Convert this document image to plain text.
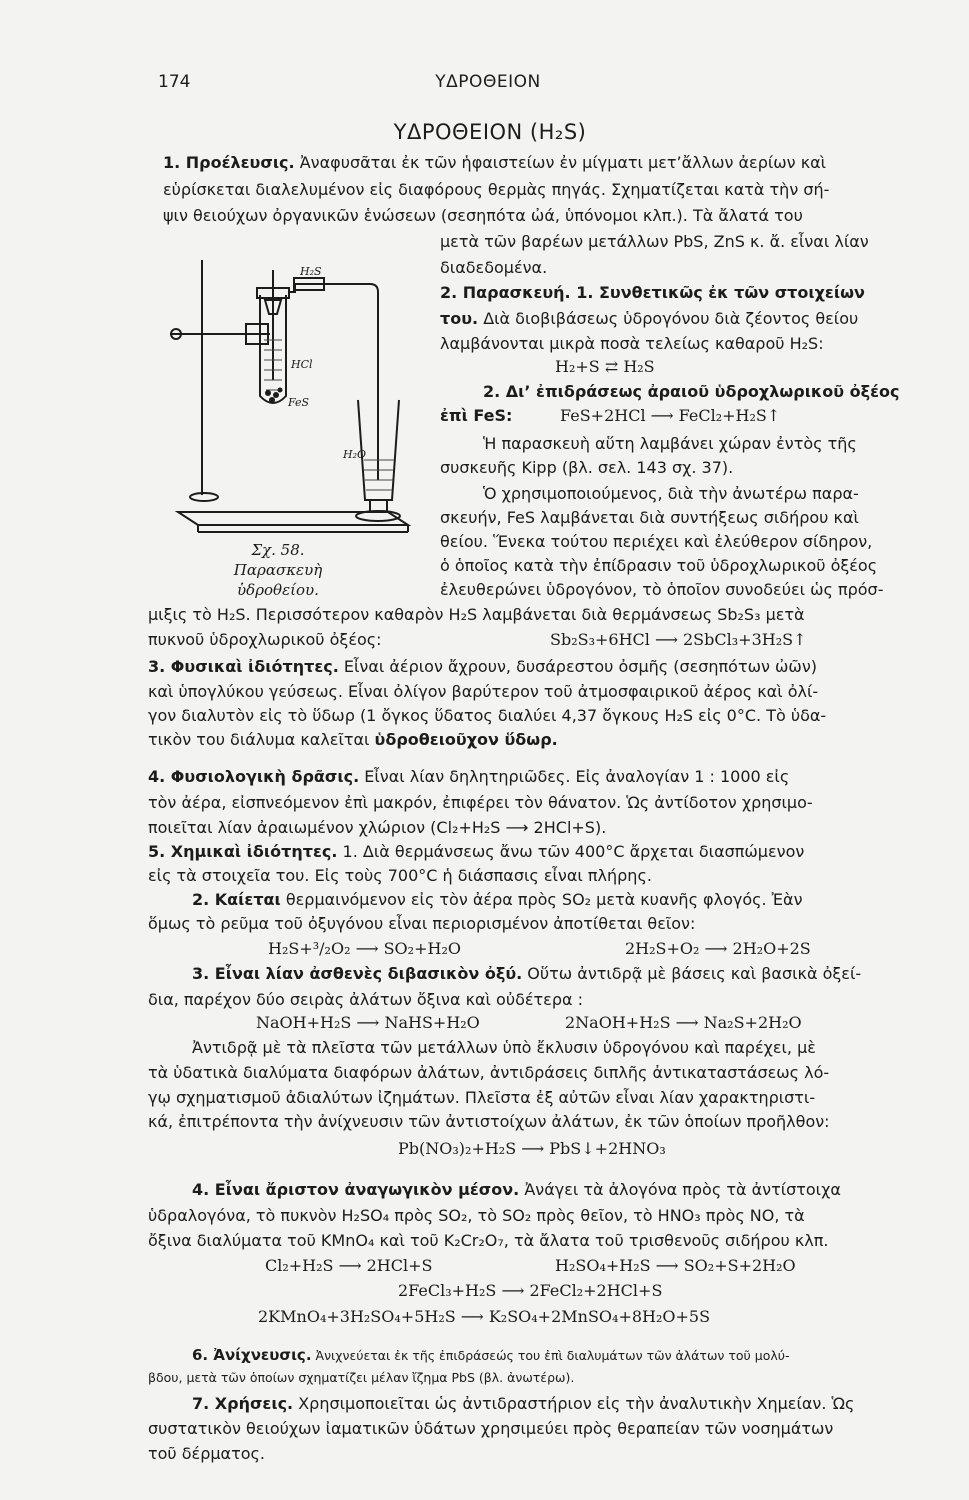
174	ΥΔΡΟΘΕΙΟΝ
ΥΔΡΟΘΕΙΟΝ (H₂S)
1. Προέλευσις. Ἀναφυσᾶται ἐκ τῶν ἡφαιστείων ἐν μίγματι μετ’ἄλλων ἀερίων καὶ
εὑρίσκεται διαλελυμένον εἰς διαφόρους θερμὰς πηγάς. Σχηματίζεται κατὰ τὴν σή-
ψιν θειούχων ὀργανικῶν ἑνώσεων (σεσηπότα ὠά, ὑπόνομοι κλπ.). Τὰ ἄλατά του
μετὰ τῶν βαρέων μετάλλων PbS, ZnS κ. ἄ. εἶναι λίαν
διαδεδομένα.
H₂S
HCl
FeS
H₂O
Σχ. 58. Παρασκευὴ
ὑδροθείου.
2. Παρασκευή. 1. Συνθετικῶς ἐκ τῶν στοιχείων
του. Διὰ διοβιβάσεως ὑδρογόνου διὰ ζέοντος θείου
λαμβάνονται μικρὰ ποσὰ τελείως καθαροῦ H₂S:
H₂+S ⇄ H₂S
2. Δι’ ἐπιδράσεως ἀραιοῦ ὑδροχλωρικοῦ ὀξέος
ἐπὶ FeS:	FeS+2HCl ⟶ FeCl₂+H₂S↑
Ἡ παρασκευὴ αὕτη λαμβάνει χώραν ἐντὸς τῆς
συσκευῆς Kipp (βλ. σελ. 143 σχ. 37).
Ὁ χρησιμοποιούμενος, διὰ τὴν ἀνωτέρω παρα-
σκευήν, FeS λαμβάνεται διὰ συντήξεως σιδήρου καὶ
θείου. Ἕνεκα τούτου περιέχει καὶ ἐλεύθερον σίδηρον,
ὁ ὁποῖος κατὰ τὴν ἐπίδρασιν τοῦ ὑδροχλωρικοῦ ὀξέος
ἐλευθερώνει ὑδρογόνον, τὸ ὁποῖον συνοδεύει ὡς πρόσ-
μιξις τὸ H₂S. Περισσότερον καθαρὸν H₂S λαμβάνεται διὰ θερμάνσεως Sb₂S₃ μετὰ
πυκνοῦ ὑδροχλωρικοῦ ὀξέος:	Sb₂S₃+6HCl ⟶ 2SbCl₃+3H₂S↑
3. Φυσικαὶ ἰδιότητες. Εἶναι ἀέριον ἄχρουν, δυσάρεστου ὀσμῆς (σεσηπότων ὠῶν)
καὶ ὑπογλύκου γεύσεως. Εἶναι ὀλίγον βαρύτερον τοῦ ἀτμοσφαιρικοῦ ἀέρος καὶ ὀλί-
γον διαλυτὸν εἰς τὸ ὕδωρ (1 ὄγκος ὕδατος διαλύει 4,37 ὄγκους H₂S εἰς 0°C. Τὸ ὑδα-
τικὸν του διάλυμα καλεῖται ὑδροθειοῦχον ὕδωρ.
4. Φυσιολογικὴ δρᾶσις. Εἶναι λίαν δηλητηριῶδες. Εἰς ἀναλογίαν 1 : 1000 εἰς
τὸν ἀέρα, εἰσπνεόμενον ἐπὶ μακρόν, ἐπιφέρει τὸν θάνατον. Ὡς ἀντίδοτον χρησιμο-
ποιεῖται λίαν ἀραιωμένον χλώριον (Cl₂+H₂S ⟶ 2HCl+S).
5. Χημικαὶ ἰδιότητες. 1. Διὰ θερμάνσεως ἄνω τῶν 400°C ἄρχεται διασπώμενον
εἰς τὰ στοιχεῖα του. Εἰς τοὺς 700°C ἡ διάσπασις εἶναι πλήρης.
2. Καίεται θερμαινόμενον εἰς τὸν ἀέρα πρὸς SO₂ μετὰ κυανῆς φλογός. Ἐὰν
ὅμως τὸ ρεῦμα τοῦ ὀξυγόνου εἶναι περιορισμένον ἀποτίθεται θεῖον:
H₂S+³/₂O₂ ⟶ SO₂+H₂O	2H₂S+O₂ ⟶ 2H₂O+2S
3. Εἶναι λίαν ἀσθενὲς διβασικὸν ὀξύ. Οὕτω ἀντιδρᾷ μὲ βάσεις καὶ βασικὰ ὀξεί-
δια, παρέχον δύο σειρὰς ἀλάτων ὄξινα καὶ οὐδέτερα :
NaOH+H₂S ⟶ NaHS+H₂O	2NaOH+H₂S ⟶ Na₂S+2H₂O
Ἀντιδρᾷ μὲ τὰ πλεῖστα τῶν μετάλλων ὑπὸ ἔκλυσιν ὑδρογόνου καὶ παρέχει, μὲ
τὰ ὑδατικὰ διαλύματα διαφόρων ἀλάτων, ἀντιδράσεις διπλῆς ἀντικαταστάσεως λό-
γῳ σχηματισμοῦ ἀδιαλύτων ἰζημάτων. Πλεῖστα ἐξ αὐτῶν εἶναι λίαν χαρακτηριστι-
κά, ἐπιτρέποντα τὴν ἀνίχνευσιν τῶν ἀντιστοίχων ἀλάτων, ἐκ τῶν ὁποίων προῆλθον:
Pb(NO₃)₂+H₂S ⟶ PbS↓+2HNO₃
4. Εἶναι ἄριστον ἀναγωγικὸν μέσον. Ἀνάγει τὰ ἀλογόνα πρὸς τὰ ἀντίστοιχα
ὑδραλογόνα, τὸ πυκνὸν H₂SO₄ πρὸς SO₂, τὸ SO₂ πρὸς θεῖον, τὸ HNO₃ πρὸς NO, τὰ
ὄξινα διαλύματα τοῦ KMnO₄ καὶ τοῦ K₂Cr₂O₇, τὰ ἄλατα τοῦ τρισθενοῦς σιδήρου κλπ.
Cl₂+H₂S ⟶ 2HCl+S	H₂SO₄+H₂S ⟶ SO₂+S+2H₂O
2FeCl₃+H₂S ⟶ 2FeCl₂+2HCl+S
2KMnO₄+3H₂SO₄+5H₂S ⟶ K₂SO₄+2MnSO₄+8H₂O+5S
6. Ἀνίχνευσις. Ἀνιχνεύεται ἐκ τῆς ἐπιδράσεώς του ἐπὶ διαλυμάτων τῶν ἀλάτων τοῦ μολύ-
βδου, μετὰ τῶν ὁποίων σχηματίζει μέλαν ἴζημα PbS (βλ. ἀνωτέρω).
7. Χρήσεις. Χρησιμοποιεῖται ὡς ἀντιδραστήριον εἰς τὴν ἀναλυτικὴν Χημείαν. Ὡς
συστατικὸν θειούχων ἰαματικῶν ὑδάτων χρησιμεύει πρὸς θεραπείαν τῶν νοσημάτων
τοῦ δέρματος.
